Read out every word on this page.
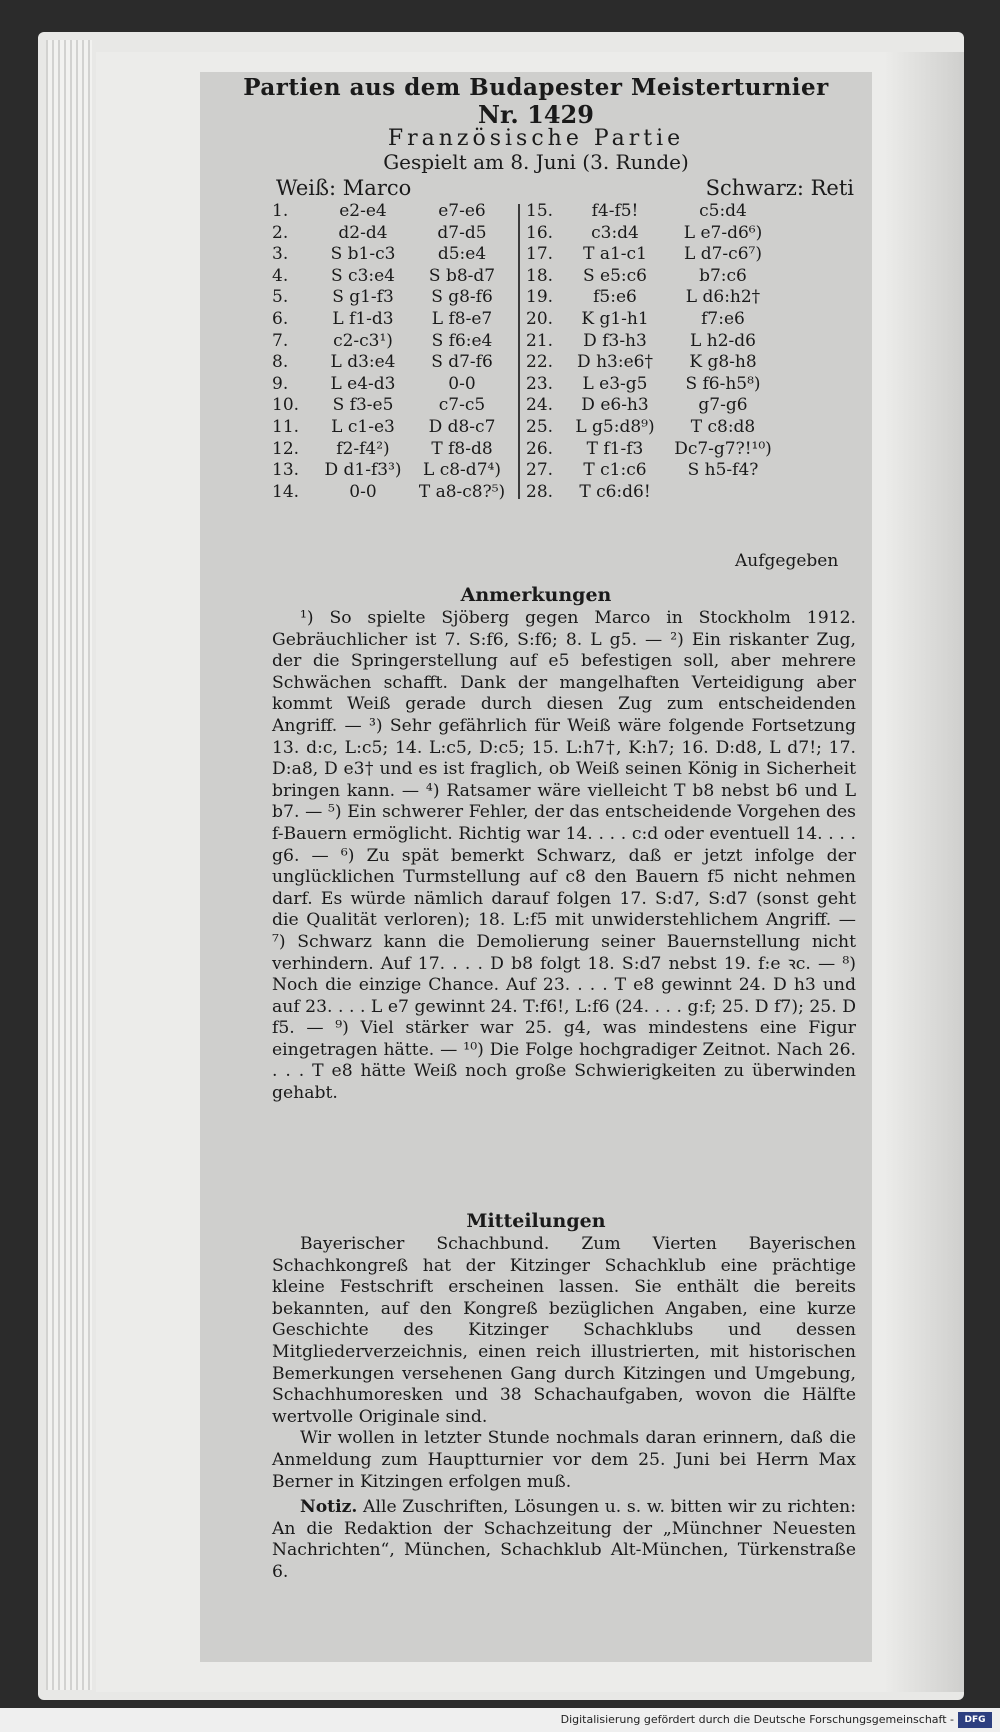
Partien aus dem Budapester Meisterturnier
Nr. 1429
Französische Partie
Gespielt am 8. Juni (3. Runde)
Weiß: Marco	Schwarz: Reti
1.	e2-e4	e7-e6
2.	d2-d4	d7-d5
3.	S b1-c3	d5:e4
4.	S c3:e4	S b8-d7
5.	S g1-f3	S g8-f6
6.	L f1-d3	L f8-e7
7.	c2-c3¹)	S f6:e4
8.	L d3:e4	S d7-f6
9.	L e4-d3	0-0
10.	S f3-e5	c7-c5
11.	L c1-e3	D d8-c7
12.	f2-f4²)	T f8-d8
13.	D d1-f3³)	L c8-d7⁴)
14.	0-0	T a8-c8?⁵)
15.	f4-f5!	c5:d4
16.	c3:d4	L e7-d6⁶)
17.	T a1-c1	L d7-c6⁷)
18.	S e5:c6	b7:c6
19.	f5:e6	L d6:h2†
20.	K g1-h1	f7:e6
21.	D f3-h3	L h2-d6
22.	D h3:e6†	K g8-h8
23.	L e3-g5	S f6-h5⁸)
24.	D e6-h3	g7-g6
25.	L g5:d8⁹)	T c8:d8
26.	T f1-f3	Dc7-g7?!¹⁰)
27.	T c1:c6	S h5-f4?
28.	T c6:d6!
Aufgegeben
Anmerkungen

¹) So spielte Sjöberg gegen Marco in Stockholm 1912. Gebräuchlicher ist 7. S:f6, S:f6; 8. L g5. — ²) Ein riskanter Zug, der die Springerstellung auf e5 befestigen soll, aber mehrere Schwächen schafft. Dank der mangelhaften Verteidigung aber kommt Weiß gerade durch diesen Zug zum entscheidenden Angriff. — ³) Sehr gefährlich für Weiß wäre folgende Fortsetzung 13. d:c, L:c5; 14. L:c5, D:c5; 15. L:h7†, K:h7; 16. D:d8, L d7!; 17. D:a8, D e3† und es ist fraglich, ob Weiß seinen König in Sicherheit bringen kann. — ⁴) Ratsamer wäre vielleicht T b8 nebst b6 und L b7. — ⁵) Ein schwerer Fehler, der das entscheidende Vorgehen des f-Bauern ermöglicht. Richtig war 14. . . . c:d oder eventuell 14. . . . g6. — ⁶) Zu spät bemerkt Schwarz, daß er jetzt infolge der unglücklichen Turmstellung auf c8 den Bauern f5 nicht nehmen darf. Es würde nämlich darauf folgen 17. S:d7, S:d7 (sonst geht die Qualität verloren); 18. L:f5 mit unwiderstehlichem Angriff. — ⁷) Schwarz kann die Demolierung seiner Bauernstellung nicht verhindern. Auf 17. . . . D b8 folgt 18. S:d7 nebst 19. f:e ꝛc. — ⁸) Noch die einzige Chance. Auf 23. . . . T e8 gewinnt 24. D h3 und auf 23. . . . L e7 gewinnt 24. T:f6!, L:f6 (24. . . . g:f; 25. D f7); 25. D f5. — ⁹) Viel stärker war 25. g4, was mindestens eine Figur eingetragen hätte. — ¹⁰) Die Folge hochgradiger Zeitnot. Nach 26. . . . T e8 hätte Weiß noch große Schwierigkeiten zu überwinden gehabt.

Mitteilungen

Bayerischer Schachbund. Zum Vierten Bayerischen Schachkongreß hat der Kitzinger Schachklub eine prächtige kleine Festschrift erscheinen lassen. Sie enthält die bereits bekannten, auf den Kongreß bezüglichen Angaben, eine kurze Geschichte des Kitzinger Schachklubs und dessen Mitgliederverzeichnis, einen reich illustrierten, mit historischen Bemerkungen versehenen Gang durch Kitzingen und Umgebung, Schachhumoresken und 38 Schachaufgaben, wovon die Hälfte wertvolle Originale sind.

Wir wollen in letzter Stunde nochmals daran erinnern, daß die Anmeldung zum Hauptturnier vor dem 25. Juni bei Herrn Max Berner in Kitzingen erfolgen muß.

Notiz. Alle Zuschriften, Lösungen u. s. w. bitten wir zu richten: An die Redaktion der Schachzeitung der „Münchner Neuesten Nachrichten“, München, Schachklub Alt-München, Türkenstraße 6.

Digitalisierung gefördert durch die Deutsche Forschungsgemeinschaft -	DFG
